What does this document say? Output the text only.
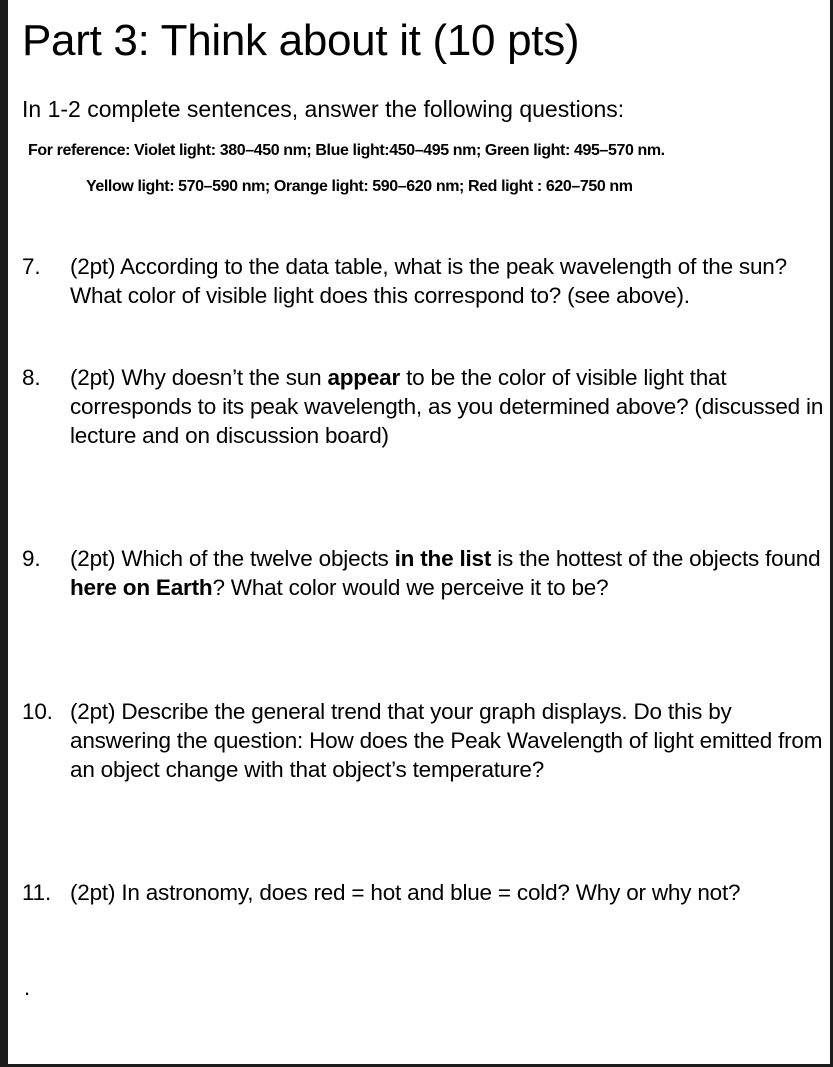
Part 3: Think about it (10 pts)
In 1-2 complete sentences, answer the following questions:
For reference: Violet light: 380–450 nm; Blue light:450–495 nm; Green light: 495–570 nm.
Yellow light: 570–590 nm; Orange light: 590–620 nm; Red light : 620–750 nm
7. (2pt) According to the data table, what is the peak wavelength of the sun? What color of visible light does this correspond to? (see above).
8. (2pt) Why doesn’t the sun appear to be the color of visible light that corresponds to its peak wavelength, as you determined above? (discussed in lecture and on discussion board)
9. (2pt) Which of the twelve objects in the list is the hottest of the objects found here on Earth? What color would we perceive it to be?
10. (2pt) Describe the general trend that your graph displays. Do this by answering the question: How does the Peak Wavelength of light emitted from an object change with that object’s temperature?
11. (2pt) In astronomy, does red = hot and blue = cold? Why or why not?
.
